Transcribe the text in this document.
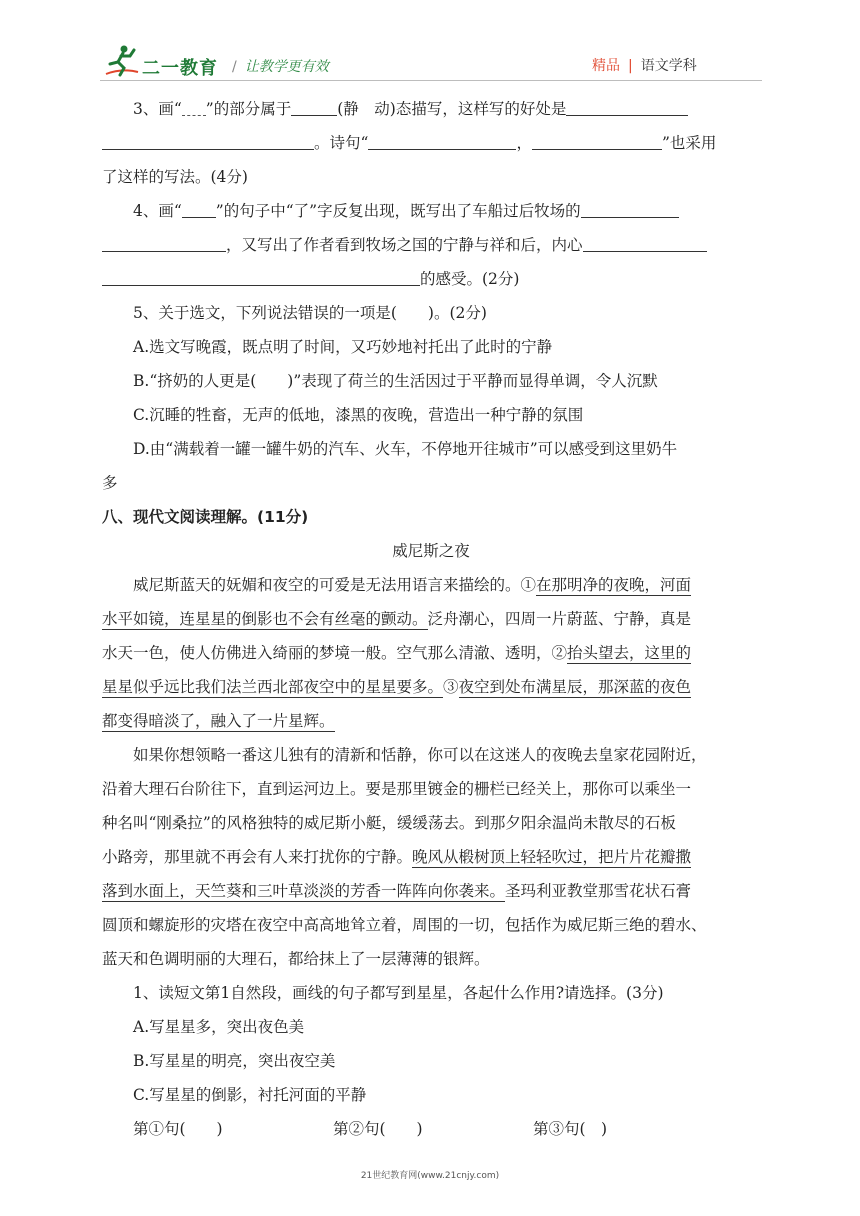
二一教育 / 让教学更有效	精品 | 语文学科
3、画“ ”的部分属于	(静　动)态描写，这样写的好处是
。诗句“	，	”也采用
了这样的写法。(4分)
4、画“ ”的句子中“了”字反复出现，既写出了车船过后牧场的
，又写出了作者看到牧场之国的宁静与祥和后，内心
的感受。(2分)
5、关于选文，下列说法错误的一项是(　　)。(2分)
A.选文写晚霞，既点明了时间，又巧妙地衬托出了此时的宁静
B.“挤奶的人更是(　　)”表现了荷兰的生活因过于平静而显得单调，令人沉默
C.沉睡的牲畜，无声的低地，漆黑的夜晚，营造出一种宁静的氛围
D.由“满载着一罐一罐牛奶的汽车、火车，不停地开往城市”可以感受到这里奶牛
多
八、现代文阅读理解。(11分)
威尼斯之夜
威尼斯蓝天的妩媚和夜空的可爱是无法用语言来描绘的。①在那明净的夜晚，河面
水平如镜，连星星的倒影也不会有丝毫的颤动。泛舟潮心，四周一片蔚蓝、宁静，真是
水天一色，使人仿佛进入绮丽的梦境一般。空气那么清澈、透明，②抬头望去，这里的
星星似乎远比我们法兰西北部夜空中的星星要多。③夜空到处布满星辰，那深蓝的夜色
都变得暗淡了，融入了一片星辉。
如果你想领略一番这儿独有的清新和恬静，你可以在这迷人的夜晚去皇家花园附近，
沿着大理石台阶往下，直到运河边上。要是那里镀金的栅栏已经关上，那你可以乘坐一
种名叫“刚桑拉”的风格独特的威尼斯小艇，缓缓荡去。到那夕阳余温尚未散尽的石板
小路旁，那里就不再会有人来打扰你的宁静。晚风从椴树顶上轻轻吹过，把片片花瓣撒
落到水面上，天竺葵和三叶草淡淡的芳香一阵阵向你袭来。圣玛利亚教堂那雪花状石膏
圆顶和螺旋形的灾塔在夜空中高高地耸立着，周围的一切，包括作为威尼斯三绝的碧水、
蓝天和色调明丽的大理石，都给抹上了一层薄薄的银辉。
1、读短文第1自然段，画线的句子都写到星星，各起什么作用?请选择。(3分)
A.写星星多，突出夜色美
B.写星星的明亮，突出夜空美
C.写星星的倒影，衬托河面的平静
第①句(　　)	第②句(　　)	第③句(　)
21世纪教育网(www.21cnjy.com)
